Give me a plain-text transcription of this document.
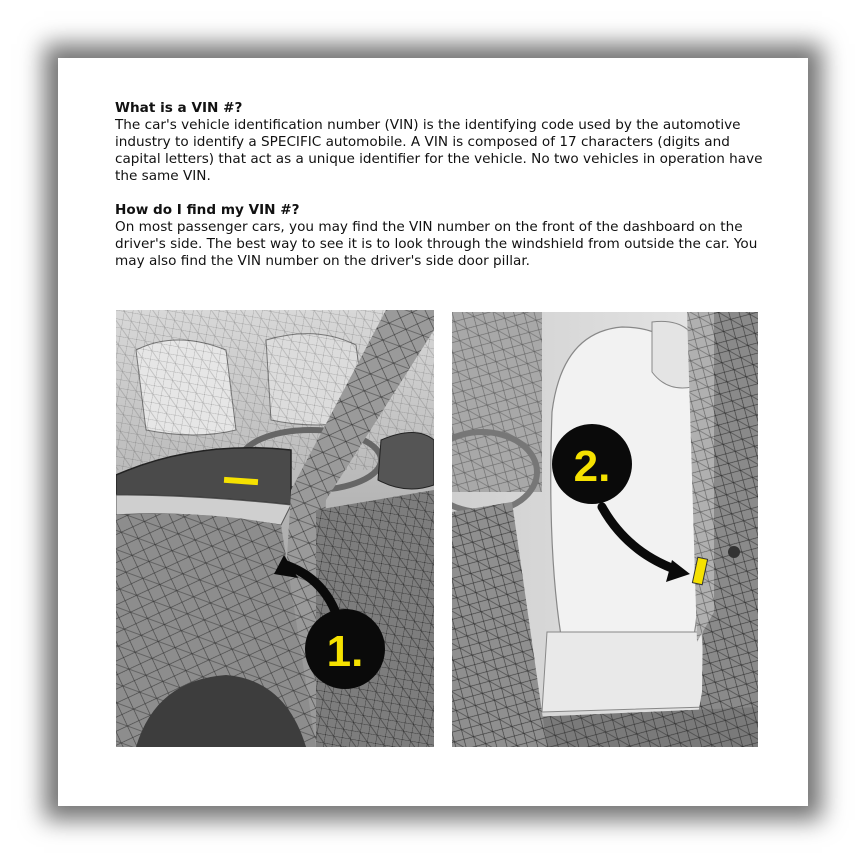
What is a VIN #?
The car's vehicle identification number (VIN) is the identifying code used by the automotive industry to identify a SPECIFIC automobile. A VIN is composed of 17 characters (digits and capital letters) that act as a unique identifier for the vehicle. No two vehicles in operation have the same VIN.
How do I find my VIN #?
On most passenger cars, you may find the VIN number on the front of the dashboard on the driver's side. The best way to see it is to look through the windshield from outside the car. You may also find the VIN number on the driver's side door pillar.
1.
2.
